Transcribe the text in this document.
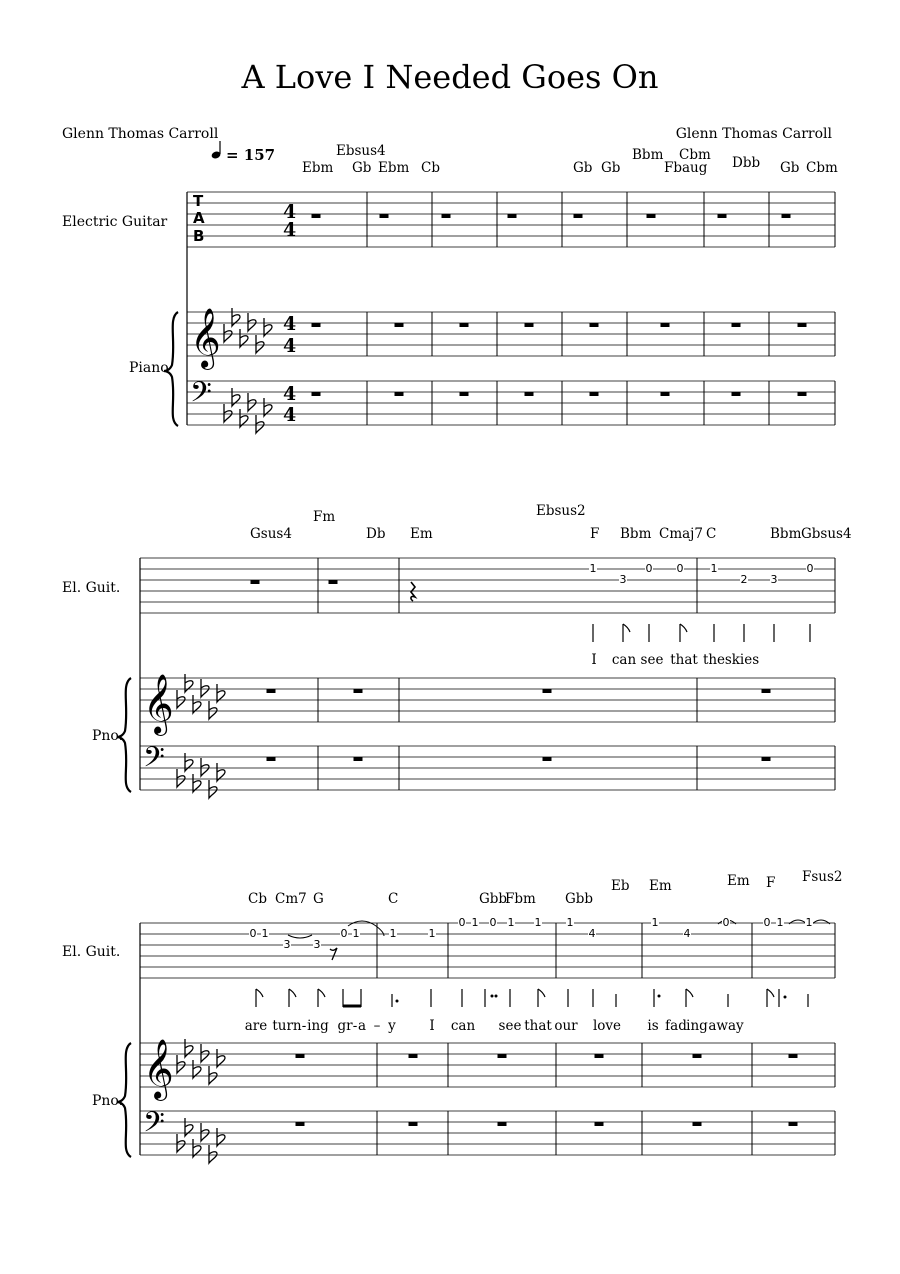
A Love I Needed Goes On
Glenn Thomas Carroll	Glenn Thomas Carroll
= 157
Ebm
Ebsus4
Gb Ebm Cb	Gb Gb
Bbm Cbm
Fbaug Dbb Gb Cbm
Electric Guitar
Piano
T
A
B
4
4
𝄞	4
4
𝄢	4
4
Gsus4
Fm
Db Em
Ebsus2
F Bbm Cmaj7 C	Bbm Gbsus4
El. Guit.
Pno.
1
3
0 0 1
2 3
0
I can see that the skies
𝄞
𝄢
Cb Cm7 G	C	Gbb
Fbm Gbb
Eb Em	Em F Fsus2
El. Guit.
Pno.
0 1
3 3
0 1	1	1
0 1 0 1 1 1
4
1
4
0	0 1 1
are turn - ing gr - a – y I can see that our love is fad ing away
𝄞
𝄢
